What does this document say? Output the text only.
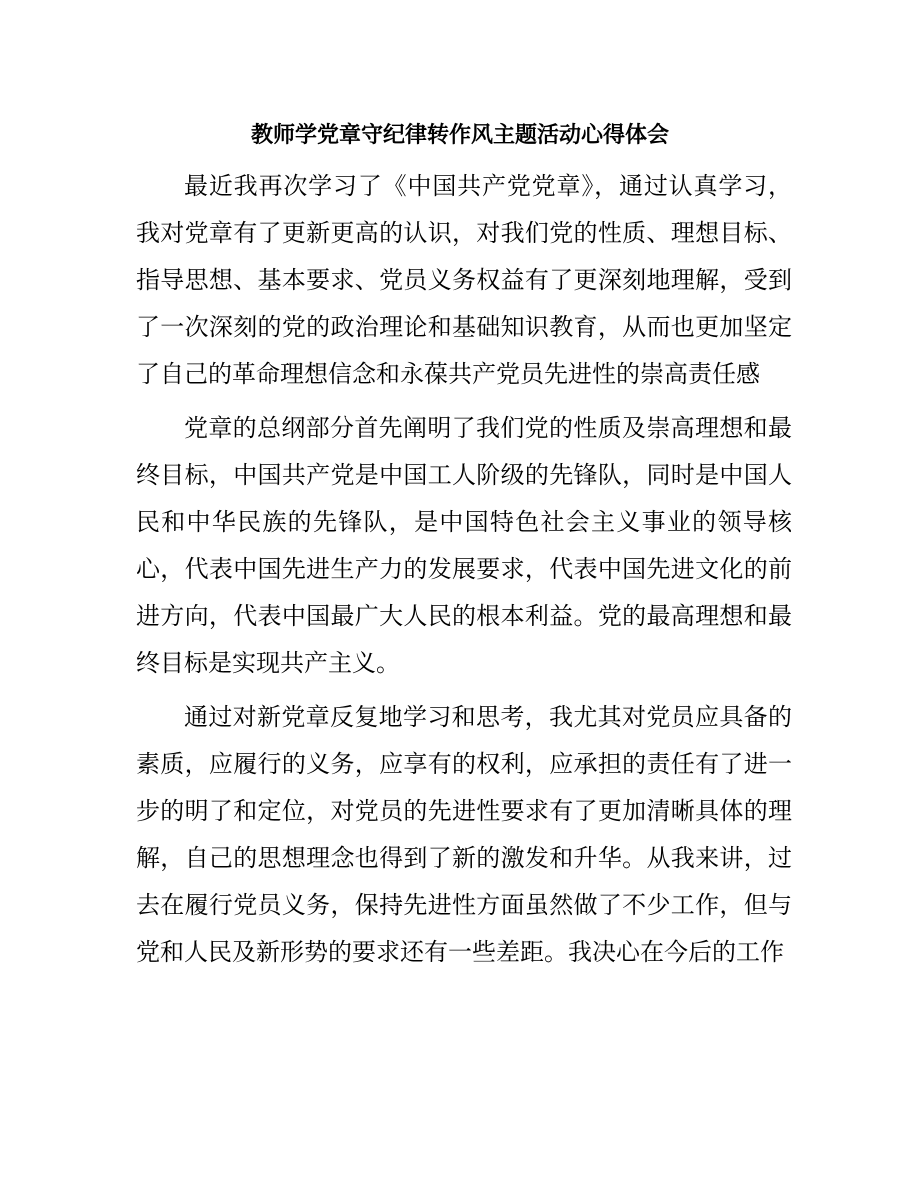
教师学党章守纪律转作风主题活动心得体会

最近我再次学习了《中国共产党党章》，通过认真学习，我对党章有了更新更高的认识，对我们党的性质、理想目标、指导思想、基本要求、党员义务权益有了更深刻地理解，受到了一次深刻的党的政治理论和基础知识教育，从而也更加坚定了自己的革命理想信念和永葆共产党员先进性的崇高责任感

党章的总纲部分首先阐明了我们党的性质及崇高理想和最终目标，中国共产党是中国工人阶级的先锋队，同时是中国人民和中华民族的先锋队，是中国特色社会主义事业的领导核心，代表中国先进生产力的发展要求，代表中国先进文化的前进方向，代表中国最广大人民的根本利益。党的最高理想和最终目标是实现共产主义。

通过对新党章反复地学习和思考，我尤其对党员应具备的素质，应履行的义务，应享有的权利，应承担的责任有了进一步的明了和定位，对党员的先进性要求有了更加清晰具体的理解，自己的思想理念也得到了新的激发和升华。从我来讲，过去在履行党员义务，保持先进性方面虽然做了不少工作，但与党和人民及新形势的要求还有一些差距。我决心在今后的工作
